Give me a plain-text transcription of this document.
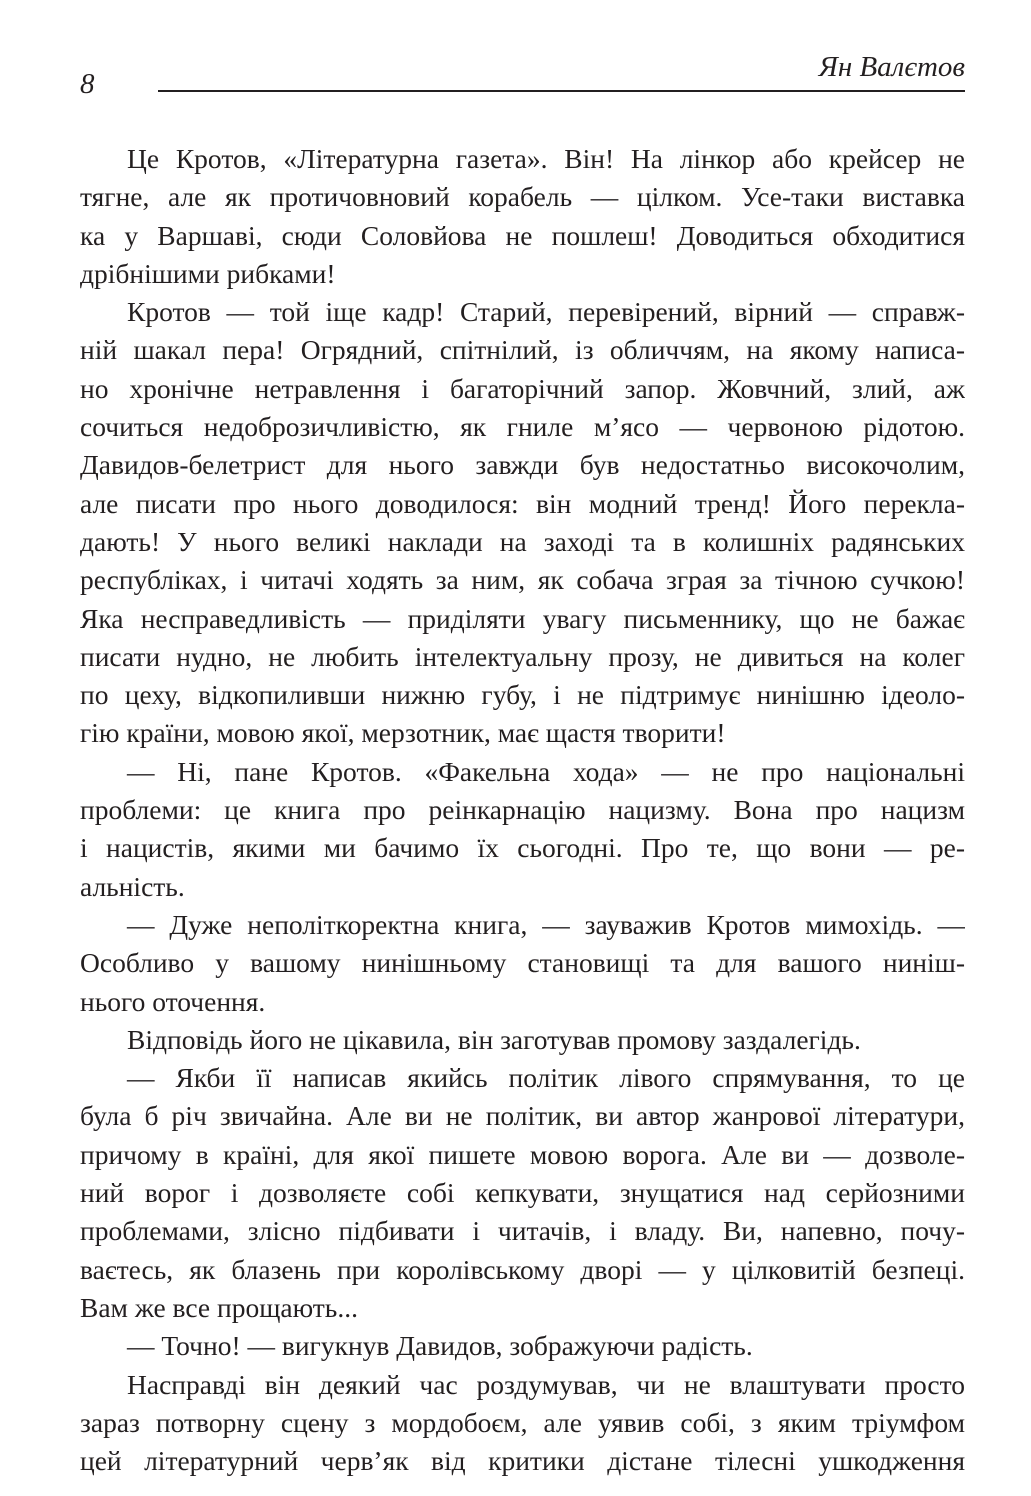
8
Ян Валєтов
Це Кротов, «Літературна газета». Він! На лінкор або крейсер не
тягне, але як протичовновий корабель — цілком. Усе-таки виставка
ка у Варшаві, сюди Соловйова не пошлеш! Доводиться обходитися
дрібнішими рибками!
Кротов — той іще кадр! Старий, перевірений, вірний — справж-
ній шакал пера! Огрядний, спітнілий, із обличчям, на якому написа-
но хронічне нетравлення і багаторічний запор. Жовчний, злий, аж
сочиться недоброзичливістю, як гниле м’ясо — червоною рідотою.
Давидов-белетрист для нього завжди був недостатньо високочолим,
але писати про нього доводилося: він модний тренд! Його перекла-
дають! У нього великі наклади на заході та в колишніх радянських
республіках, і читачі ходять за ним, як собача зграя за тічною сучкою!
Яка несправедливість — приділяти увагу письменнику, що не бажає
писати нудно, не любить інтелектуальну прозу, не дивиться на колег
по цеху, відкопиливши нижню губу, і не підтримує нинішню ідеоло-
гію країни, мовою якої, мерзотник, має щастя творити!
— Ні, пане Кротов. «Факельна хода» — не про національні
проблеми: це книга про реінкарнацію нацизму. Вона про нацизм
і нацистів, якими ми бачимо їх сьогодні. Про те, що вони — ре-
альність.
— Дуже неполіткоректна книга, — зауважив Кротов мимохідь. —
Особливо у вашому нинішньому становищі та для вашого нинiш-
нього оточення.
Відповідь його не цікавила, він заготував промову заздалегідь.
— Якби її написав якийсь політик лівого спрямування, то це
була б річ звичайна. Але ви не політик, ви автор жанрової літератури,
причому в країні, для якої пишете мовою ворога. Але ви — дозволе-
ний ворог і дозволяєте собі кепкувати, знущатися над серйозними
проблемами, злісно підбивати і читачів, і владу. Ви, напевно, почу-
ваєтесь, як блазень при королівському дворі — у цілковитій безпеці.
Вам же все прощають...
— Точно! — вигукнув Давидов, зображуючи радість.
Насправді він деякий час роздумував, чи не влаштувати просто
зараз потворну сцену з мордобоєм, але уявив собі, з яким тріумфом
цей літературний черв’як від критики дістане тілесні ушкодження
